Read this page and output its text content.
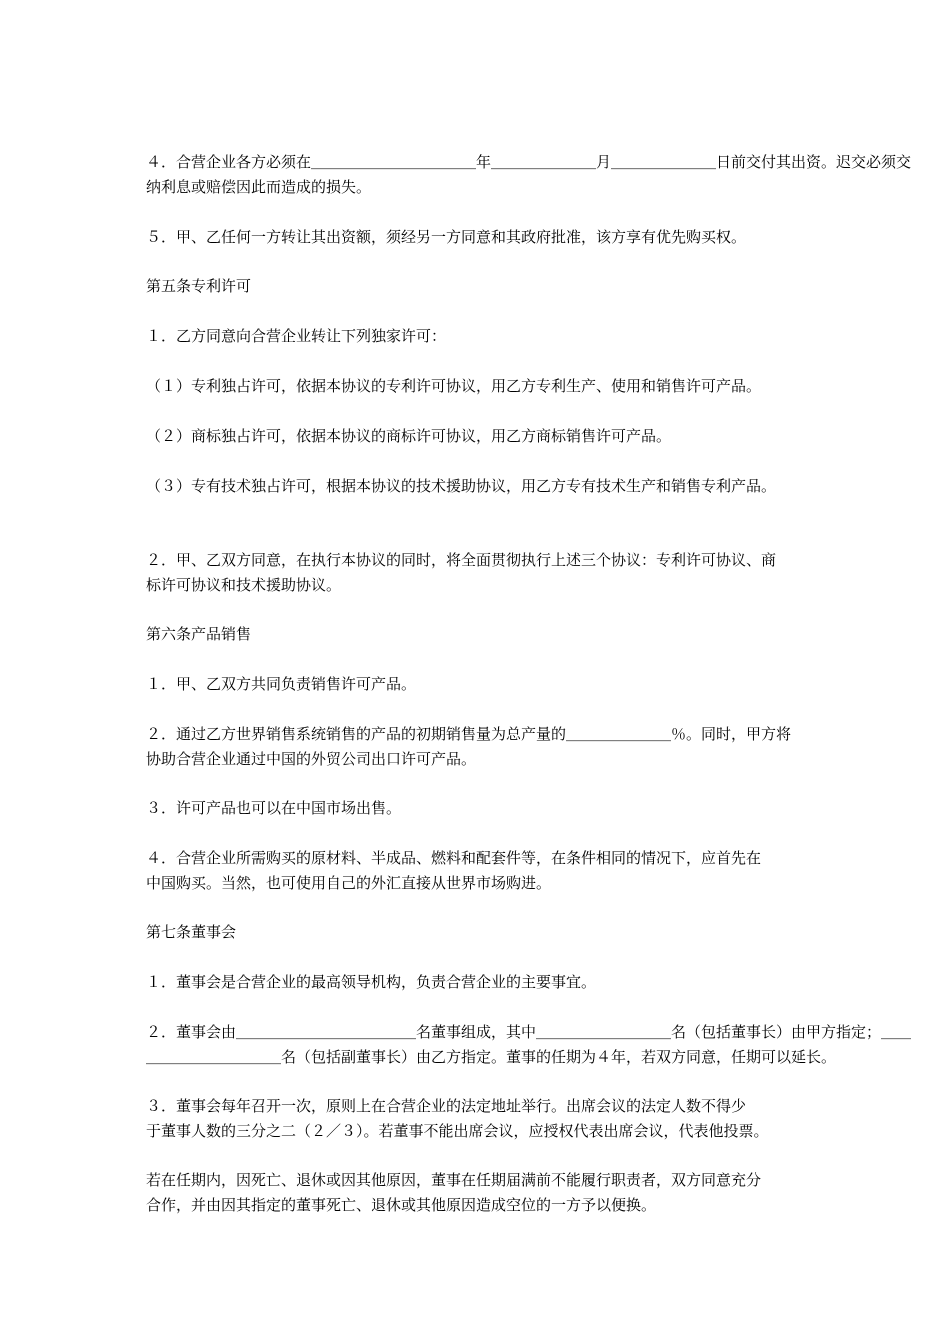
４．合营企业各方必须在＿＿＿＿＿＿＿＿＿＿＿年＿＿＿＿＿＿＿月＿＿＿＿＿＿＿日前交付其出资。迟交必须交
纳利息或赔偿因此而造成的损失。
５．甲、乙任何一方转让其出资额，须经另一方同意和其政府批准，该方享有优先购买权。
第五条专利许可
１．乙方同意向合营企业转让下列独家许可：
（１）专利独占许可，依据本协议的专利许可协议，用乙方专利生产、使用和销售许可产品。
（２）商标独占许可，依据本协议的商标许可协议，用乙方商标销售许可产品。
（３）专有技术独占许可，根据本协议的技术援助协议，用乙方专有技术生产和销售专利产品。
２．甲、乙双方同意，在执行本协议的同时，将全面贯彻执行上述三个协议：专利许可协议、商
标许可协议和技术援助协议。
第六条产品销售
１．甲、乙双方共同负责销售许可产品。
２．通过乙方世界销售系统销售的产品的初期销售量为总产量的＿＿＿＿＿＿＿％。同时，甲方将
协助合营企业通过中国的外贸公司出口许可产品。
３．许可产品也可以在中国市场出售。
４．合营企业所需购买的原材料、半成品、燃料和配套件等，在条件相同的情况下，应首先在
中国购买。当然，也可使用自己的外汇直接从世界市场购进。
第七条董事会
１．董事会是合营企业的最高领导机构，负责合营企业的主要事宜。
２．董事会由＿＿＿＿＿＿＿＿＿＿＿＿名董事组成，其中＿＿＿＿＿＿＿＿＿名（包括董事长）由甲方指定；＿＿
＿＿＿＿＿＿＿＿＿名（包括副董事长）由乙方指定。董事的任期为４年，若双方同意，任期可以延长。
３．董事会每年召开一次，原则上在合营企业的法定地址举行。出席会议的法定人数不得少
于董事人数的三分之二（２／３）。若董事不能出席会议，应授权代表出席会议，代表他投票。
若在任期内，因死亡、退休或因其他原因，董事在任期届满前不能履行职责者，双方同意充分
合作，并由因其指定的董事死亡、退休或其他原因造成空位的一方予以便换。
